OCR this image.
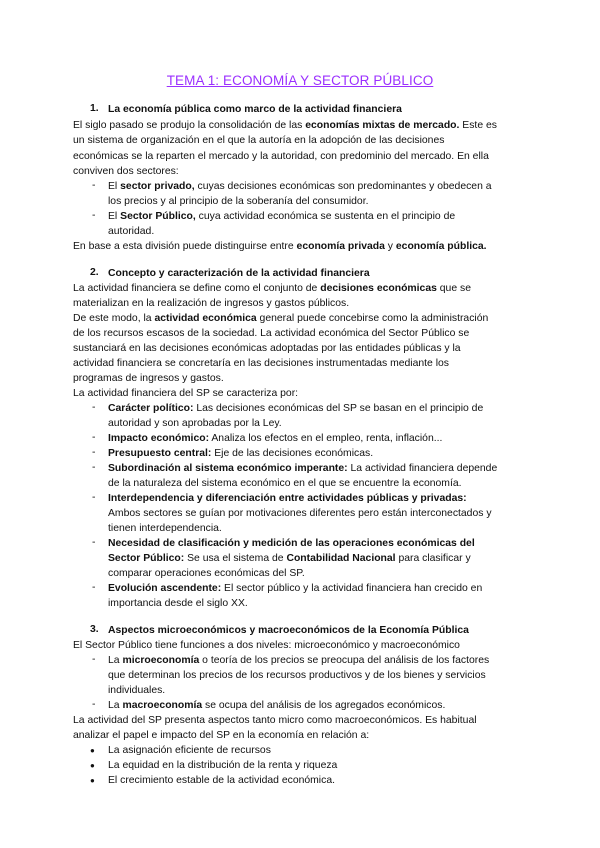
TEMA 1: ECONOMÍA Y SECTOR PÚBLICO
1. La economía pública como marco de la actividad financiera
El siglo pasado se produjo la consolidación de las economías mixtas de mercado. Este es
un sistema de organización en el que la autoría en la adopción de las decisiones
económicas se la reparten el mercado y la autoridad, con predominio del mercado. En ella
conviven dos sectores:
- El sector privado, cuyas decisiones económicas son predominantes y obedecen a
los precios y al principio de la soberanía del consumidor.
- El Sector Público, cuya actividad económica se sustenta en el principio de
autoridad.
En base a esta división puede distinguirse entre economía privada y economía pública.
2. Concepto y caracterización de la actividad financiera
La actividad financiera se define como el conjunto de decisiones económicas que se
materializan en la realización de ingresos y gastos públicos.
De este modo, la actividad económica general puede concebirse como la administración
de los recursos escasos de la sociedad. La actividad económica del Sector Público se
sustanciará en las decisiones económicas adoptadas por las entidades públicas y la
actividad financiera se concretaría en las decisiones instrumentadas mediante los
programas de ingresos y gastos.
La actividad financiera del SP se caracteriza por:
- Carácter político: Las decisiones económicas del SP se basan en el principio de
autoridad y son aprobadas por la Ley.
- Impacto económico: Analiza los efectos en el empleo, renta, inflación...
- Presupuesto central: Eje de las decisiones económicas.
- Subordinación al sistema económico imperante: La actividad financiera depende
de la naturaleza del sistema económico en el que se encuentre la economía.
- Interdependencia y diferenciación entre actividades públicas y privadas:
Ambos sectores se guían por motivaciones diferentes pero están interconectados y
tienen interdependencia.
- Necesidad de clasificación y medición de las operaciones económicas del
Sector Público: Se usa el sistema de Contabilidad Nacional para clasificar y
comparar operaciones económicas del SP.
- Evolución ascendente: El sector público y la actividad financiera han crecido en
importancia desde el siglo XX.
3. Aspectos microeconómicos y macroeconómicos de la Economía Pública
El Sector Público tiene funciones a dos niveles: microeconómico y macroeconómico
- La microeconomía o teoría de los precios se preocupa del análisis de los factores
que determinan los precios de los recursos productivos y de los bienes y servicios
individuales.
- La macroeconomía se ocupa del análisis de los agregados económicos.
La actividad del SP presenta aspectos tanto micro como macroeconómicos. Es habitual
analizar el papel e impacto del SP en la economía en relación a:
● La asignación eficiente de recursos
● La equidad en la distribución de la renta y riqueza
● El crecimiento estable de la actividad económica.
